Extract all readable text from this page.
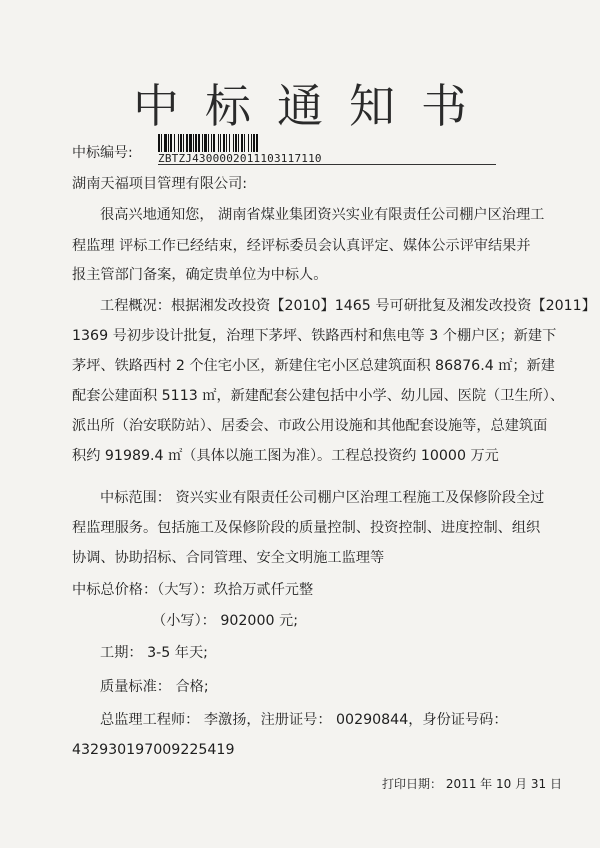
中标通知书
中标编号: ZBTZJ4300002011103117110
湖南天福项目管理有限公司:
很高兴地通知您， 湖南省煤业集团资兴实业有限责任公司棚户区治理工
程监理 评标工作已经结束，经评标委员会认真评定、媒体公示评审结果并
报主管部门备案，确定贵单位为中标人。
工程概况：根据湘发改投资【2010】1465 号可研批复及湘发改投资【2011】
1369 号初步设计批复，治理下茅坪、铁路西村和焦电等 3 个棚户区；新建下
茅坪、铁路西村 2 个住宅小区，新建住宅小区总建筑面积 86876.4 ㎡；新建
配套公建面积 5113 ㎡，新建配套公建包括中小学、幼儿园、医院（卫生所）、
派出所（治安联防站）、居委会、市政公用设施和其他配套设施等，总建筑面
积约 91989.4 ㎡（具体以施工图为准）。工程总投资约 10000 万元
中标范围： 资兴实业有限责任公司棚户区治理工程施工及保修阶段全过
程监理服务。包括施工及保修阶段的质量控制、投资控制、进度控制、组织
协调、协助招标、合同管理、安全文明施工监理等
中标总价格：（大写）：玖拾万贰仟元整
（小写）： 902000 元;
工期： 3-5 年天;
质量标准： 合格;
总监理工程师： 李激扬，注册证号： 00290844，身份证号码：
432930197009225419
打印日期： 2011 年 10 月 31 日
